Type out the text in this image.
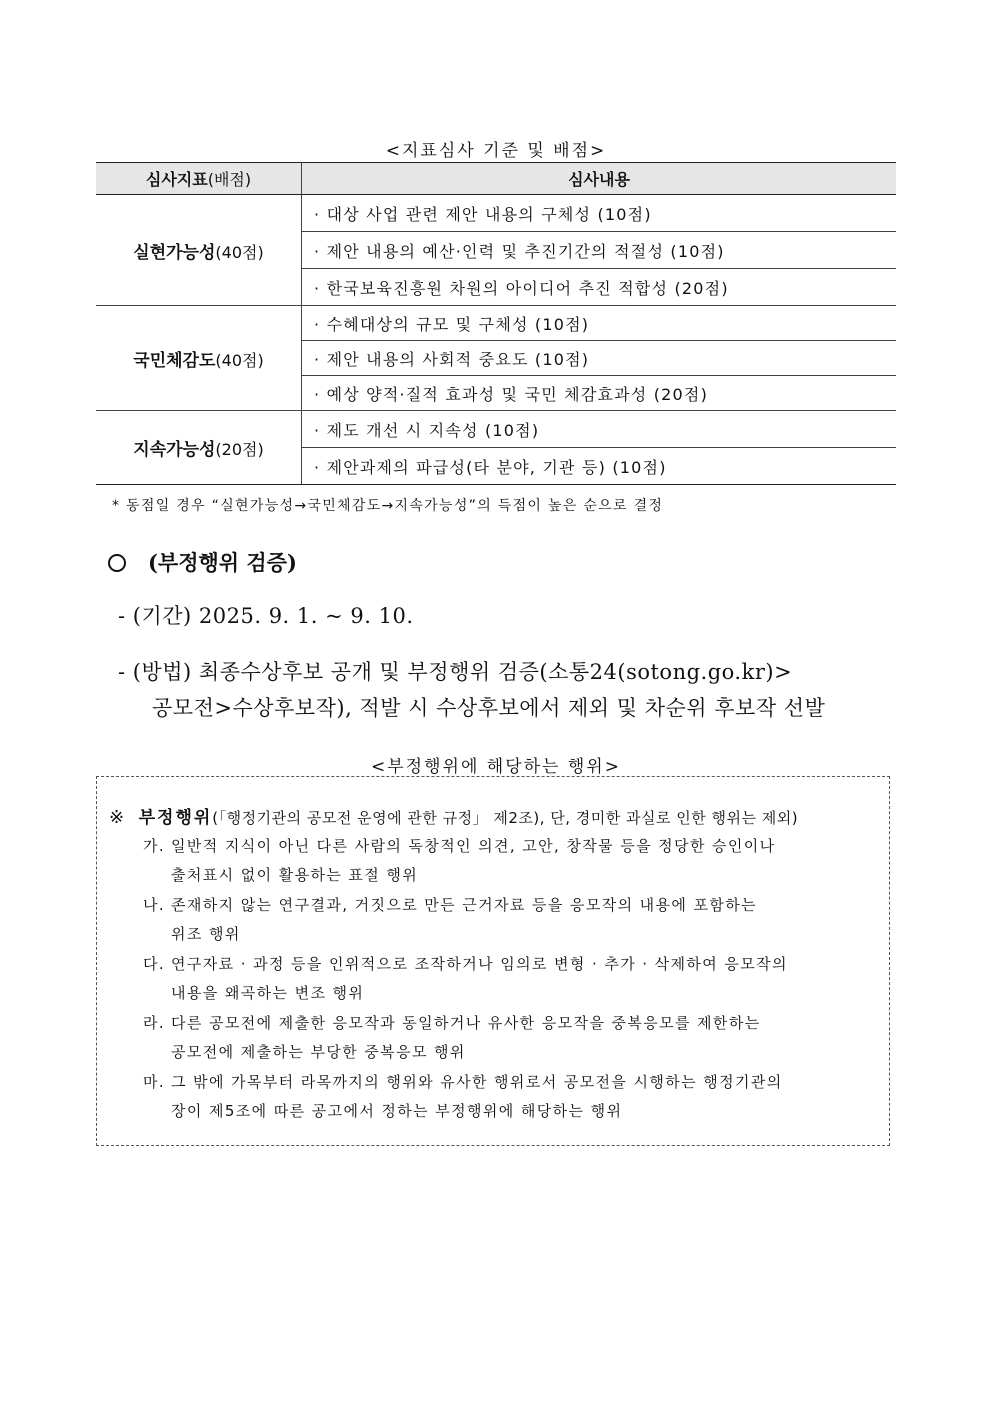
<지표심사 기준 및 배점>
심사지표(배점)	심사내용
실현가능성(40점)	· 대상 사업 관련 제안 내용의 구체성 (10점)
	· 제안 내용의 예산·인력 및 추진기간의 적절성 (10점)
	· 한국보육진흥원 차원의 아이디어 추진 적합성 (20점)
국민체감도(40점)	· 수혜대상의 규모 및 구체성 (10점)
	· 제안 내용의 사회적 중요도 (10점)
	· 예상 양적·질적 효과성 및 국민 체감효과성 (20점)
지속가능성(20점)	· 제도 개선 시 지속성 (10점)
	· 제안과제의 파급성(타 분야, 기관 등) (10점)
* 동점일 경우 “실현가능성→국민체감도→지속가능성”의 득점이 높은 순으로 결정
(부정행위 검증)
- (기간) 2025. 9. 1. ~ 9. 10.
- (방법) 최종수상후보 공개 및 부정행위 검증(소통24(sotong.go.kr)>
공모전>수상후보작), 적발 시 수상후보에서 제외 및 차순위 후보작 선발
<부정행위에 해당하는 행위>
※ 부정행위(「행정기관의 공모전 운영에 관한 규정」 제2조), 단, 경미한 과실로 인한 행위는 제외)
가. 일반적 지식이 아닌 다른 사람의 독창적인 의견, 고안, 창작물 등을 정당한 승인이나
출처표시 없이 활용하는 표절 행위
나. 존재하지 않는 연구결과, 거짓으로 만든 근거자료 등을 응모작의 내용에 포함하는
위조 행위
다. 연구자료 · 과정 등을 인위적으로 조작하거나 임의로 변형 · 추가 · 삭제하여 응모작의
내용을 왜곡하는 변조 행위
라. 다른 공모전에 제출한 응모작과 동일하거나 유사한 응모작을 중복응모를 제한하는
공모전에 제출하는 부당한 중복응모 행위
마. 그 밖에 가목부터 라목까지의 행위와 유사한 행위로서 공모전을 시행하는 행정기관의
장이 제5조에 따른 공고에서 정하는 부정행위에 해당하는 행위
